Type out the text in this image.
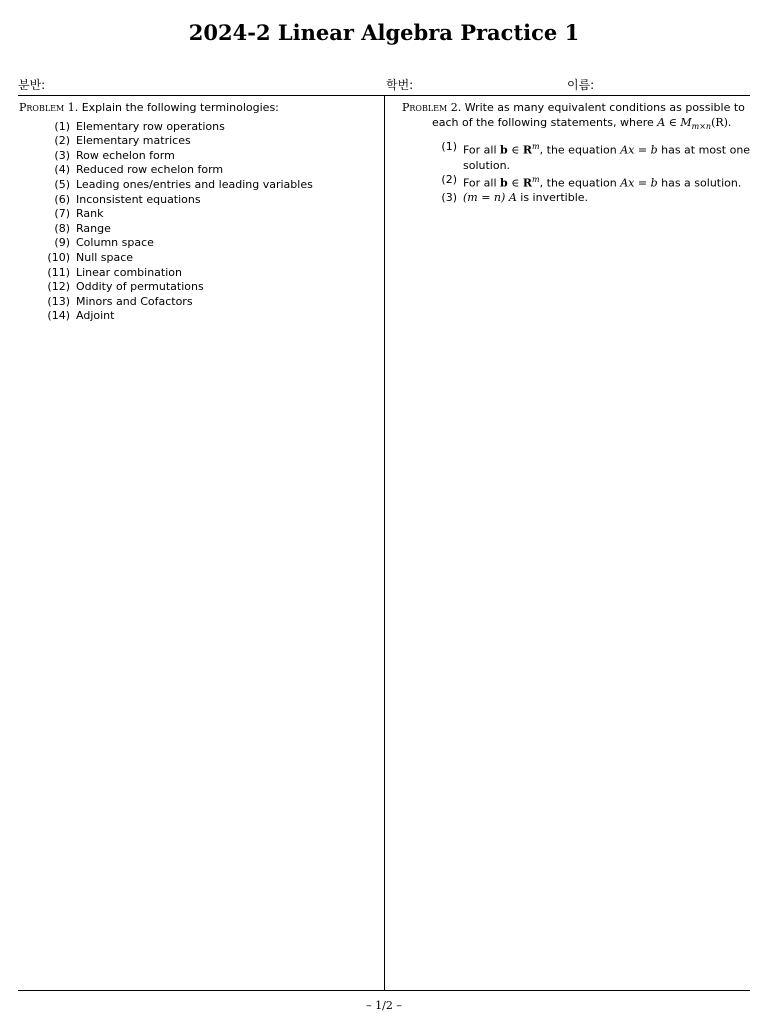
2024-2 Linear Algebra Practice 1
분반:	학번:	이름:

Problem 1. Explain the following terminologies:

(1) Elementary row operations
(2) Elementary matrices
(3) Row echelon form
(4) Reduced row echelon form
(5) Leading ones/entries and leading variables
(6) Inconsistent equations
(7) Rank
(8) Range
(9) Column space
(10) Null space
(11) Linear combination
(12) Oddity of permutations
(13) Minors and Cofactors
(14) Adjoint

Problem 2. Write as many equivalent conditions as possible to

each of the following statements, where A ∈ $M_{m\times n}(R)$.
(1) For all b ∈ $R^m$, the equation Ax = b has at most one solution.
(2) For all b ∈ $R^m$, the equation Ax = b has a solution.
(3) (m = n) A is invertible.
– 1/2 –
